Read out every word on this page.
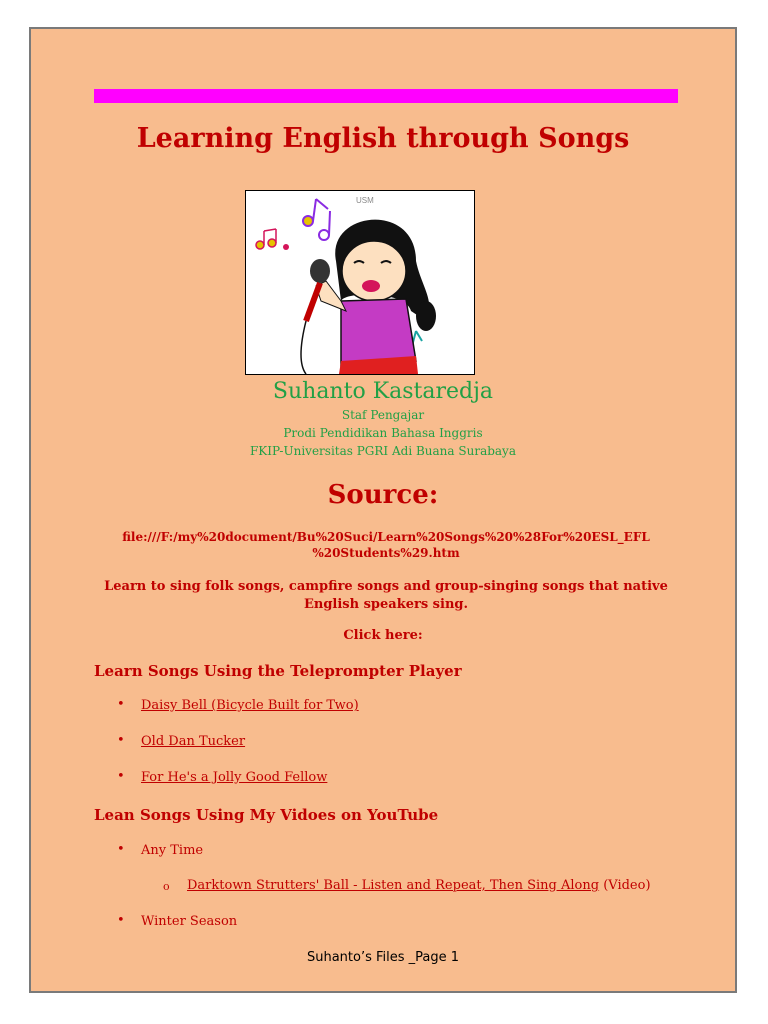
Learning English through Songs
USM
Suhanto Kastaredja
Staf Pengajar
Prodi Pendidikan Bahasa Inggris
FKIP-Universitas PGRI Adi Buana Surabaya
Source:
file:///F:/my%20document/Bu%20Suci/Learn%20Songs%20%28For%20ESL_EFL %20Students%29.htm
Learn to sing folk songs, campfire songs and group-singing songs that native English speakers sing.
Click here:
Learn Songs Using the Teleprompter Player
• Daisy Bell (Bicycle Built for Two)
• Old Dan Tucker
• For He's a Jolly Good Fellow
Lean Songs Using My Vidoes on YouTube
• Any Time
o Darktown Strutters' Ball - Listen and Repeat, Then Sing Along (Video)
• Winter Season
Suhanto’s Files _Page 1
